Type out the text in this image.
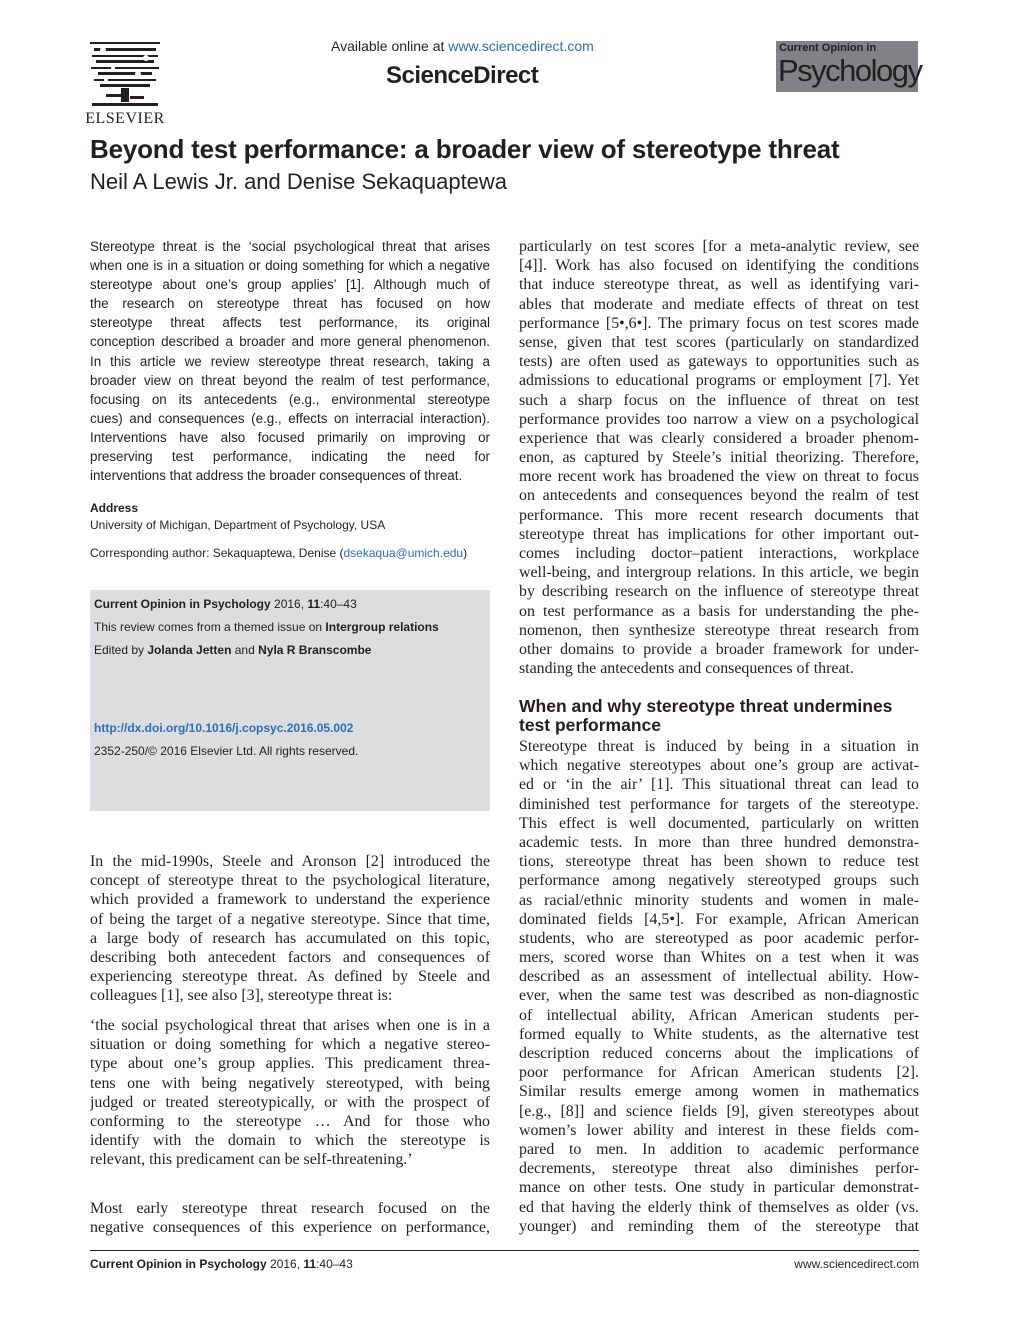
ELSEVIER
Available online at www.sciencedirect.com
ScienceDirect
Current Opinion in
Psychology
Beyond test performance: a broader view of stereotype threat
Neil A Lewis Jr. and Denise Sekaquaptewa
Stereotype threat is the ‘social psychological threat that arises
when one is in a situation or doing something for which a negative
stereotype about one’s group applies’ [1]. Although much of
the research on stereotype threat has focused on how
stereotype threat affects test performance, its original
conception described a broader and more general phenomenon.
In this article we review stereotype threat research, taking a
broader view on threat beyond the realm of test performance,
focusing on its antecedents (e.g., environmental stereotype
cues) and consequences (e.g., effects on interracial interaction).
Interventions have also focused primarily on improving or
preserving test performance, indicating the need for
interventions that address the broader consequences of threat.
Address
University of Michigan, Department of Psychology, USA
Corresponding author: Sekaquaptewa, Denise (dsekaqua@umich.edu)
Current Opinion in Psychology 2016, 11:40–43
This review comes from a themed issue on Intergroup relations
Edited by Jolanda Jetten and Nyla R Branscombe
http://dx.doi.org/10.1016/j.copsyc.2016.05.002
2352-250/© 2016 Elsevier Ltd. All rights reserved.
In the mid-1990s, Steele and Aronson [2] introduced the
concept of stereotype threat to the psychological literature,
which provided a framework to understand the experience
of being the target of a negative stereotype. Since that time,
a large body of research has accumulated on this topic,
describing both antecedent factors and consequences of
experiencing stereotype threat. As defined by Steele and
colleagues [1], see also [3], stereotype threat is:
‘the social psychological threat that arises when one is in a
situation or doing something for which a negative stereo-
type about one’s group applies. This predicament threa-
tens one with being negatively stereotyped, with being
judged or treated stereotypically, or with the prospect of
conforming to the stereotype … And for those who
identify with the domain to which the stereotype is
relevant, this predicament can be self-threatening.’
Most early stereotype threat research focused on the
negative consequences of this experience on performance,
particularly on test scores [for a meta-analytic review, see
[4]]. Work has also focused on identifying the conditions
that induce stereotype threat, as well as identifying vari-
ables that moderate and mediate effects of threat on test
performance [5•,6•]. The primary focus on test scores made
sense, given that test scores (particularly on standardized
tests) are often used as gateways to opportunities such as
admissions to educational programs or employment [7]. Yet
such a sharp focus on the influence of threat on test
performance provides too narrow a view on a psychological
experience that was clearly considered a broader phenom-
enon, as captured by Steele’s initial theorizing. Therefore,
more recent work has broadened the view on threat to focus
on antecedents and consequences beyond the realm of test
performance. This more recent research documents that
stereotype threat has implications for other important out-
comes including doctor–patient interactions, workplace
well-being, and intergroup relations. In this article, we begin
by describing research on the influence of stereotype threat
on test performance as a basis for understanding the phe-
nomenon, then synthesize stereotype threat research from
other domains to provide a broader framework for under-
standing the antecedents and consequences of threat.
When and why stereotype threat undermines test performance
Stereotype threat is induced by being in a situation in
which negative stereotypes about one’s group are activat-
ed or ‘in the air’ [1]. This situational threat can lead to
diminished test performance for targets of the stereotype.
This effect is well documented, particularly on written
academic tests. In more than three hundred demonstra-
tions, stereotype threat has been shown to reduce test
performance among negatively stereotyped groups such
as racial/ethnic minority students and women in male-
dominated fields [4,5•]. For example, African American
students, who are stereotyped as poor academic perfor-
mers, scored worse than Whites on a test when it was
described as an assessment of intellectual ability. How-
ever, when the same test was described as non-diagnostic
of intellectual ability, African American students per-
formed equally to White students, as the alternative test
description reduced concerns about the implications of
poor performance for African American students [2].
Similar results emerge among women in mathematics
[e.g., [8]] and science fields [9], given stereotypes about
women’s lower ability and interest in these fields com-
pared to men. In addition to academic performance
decrements, stereotype threat also diminishes perfor-
mance on other tests. One study in particular demonstrat-
ed that having the elderly think of themselves as older (vs.
younger) and reminding them of the stereotype that
Current Opinion in Psychology 2016, 11:40–43	www.sciencedirect.com
